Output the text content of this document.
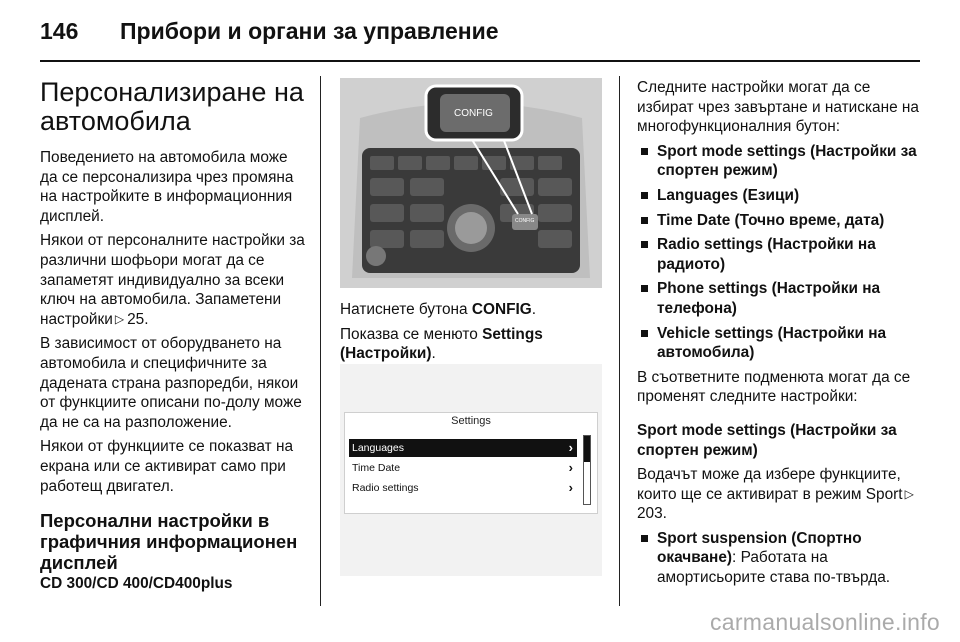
146 Прибори и органи за управление
Персонализиране на автомобила

Поведението на автомобила може да се персонализира чрез промяна на настройките в информационния дисплей.

Някои от персоналните настройки за различни шофьори могат да се запаметят индивидуално за всеки ключ на автомобила. Запаметени настройки ▷ 25.

В зависимост от оборудването на автомобила и специфичните за дадената страна разпоредби, някои от функциите описани по-долу може да не са на разположение.

Някои от функциите се показват на екрана или се активират само при работещ двигател.

Персонални настройки в графичния информационен дисплей

CD 300/CD 400/CD400plus

CONFIG
CONFIG

Натиснете бутона CONFIG.

Показва се менюто Settings (Настройки).

Settings
Languages	›
Time Date	›
Radio settings	›

Следните настройки могат да се избират чрез завъртане и натискане на многофункционалния бутон:

Sport mode settings (Настройки за спортен режим)
Languages (Езици)
Time Date (Точно време, дата)
Radio settings (Настройки на радиото)
Phone settings (Настройки на телефона)
Vehicle settings (Настройки на автомобила)

В съответните подменюта могат да се променят следните настройки:

Sport mode settings (Настройки за спортен режим)

Водачът може да избере функциите, които ще се активират в режим Sport ▷203.

Sport suspension (Спортно окачване): Работата на амортисьорите става по-твърда.
carmanualsonline.info
